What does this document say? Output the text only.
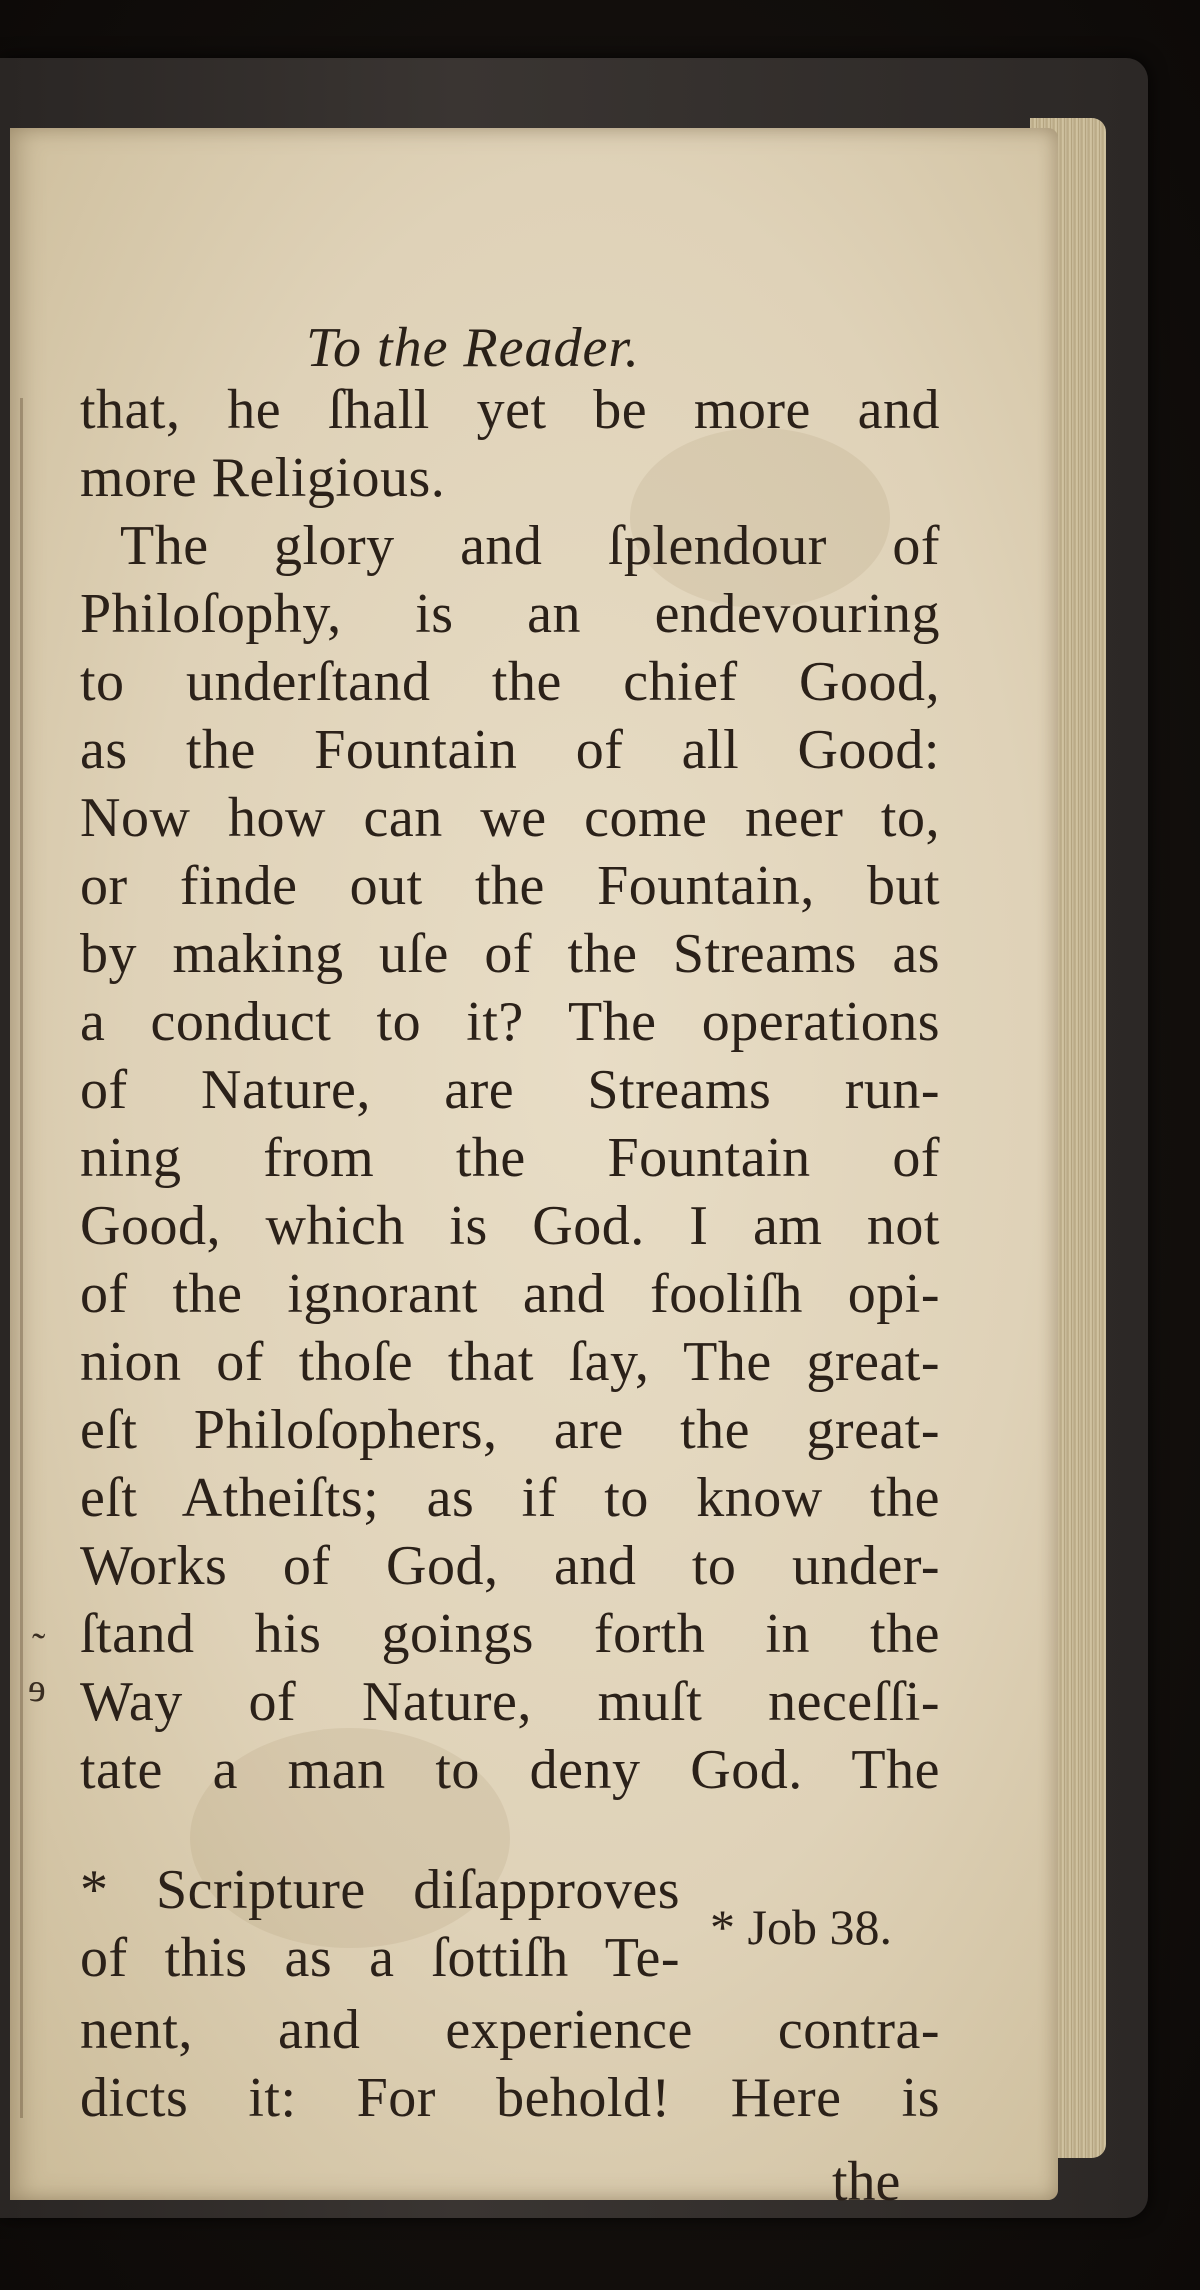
To the Reader.
that, he ſhall yet be more and
more Religious.
The glory and ſplendour of
Philoſophy, is an endevouring
to underſtand the chief Good,
as the Fountain of all Good:
Now how can we come neer to,
or finde out the Fountain, but
by making uſe of the Streams as
a conduct to it? The operations
of Nature, are Streams run-
ning from the Fountain of
Good, which is God. I am not
of the ignorant and fooliſh opi-
nion of thoſe that ſay, The great-
eſt Philoſophers, are the great-
eſt Atheiſts; as if to know the
Works of God, and to under-
ſtand his goings forth in the
Way of Nature, muſt neceſſi-
tate a man to deny God. The
* Scripture diſapproves
of this as a ſottiſh Te-
nent, and experience contra-
dicts it: For behold! Here is
* Job 38.
the
˷
ɘ
